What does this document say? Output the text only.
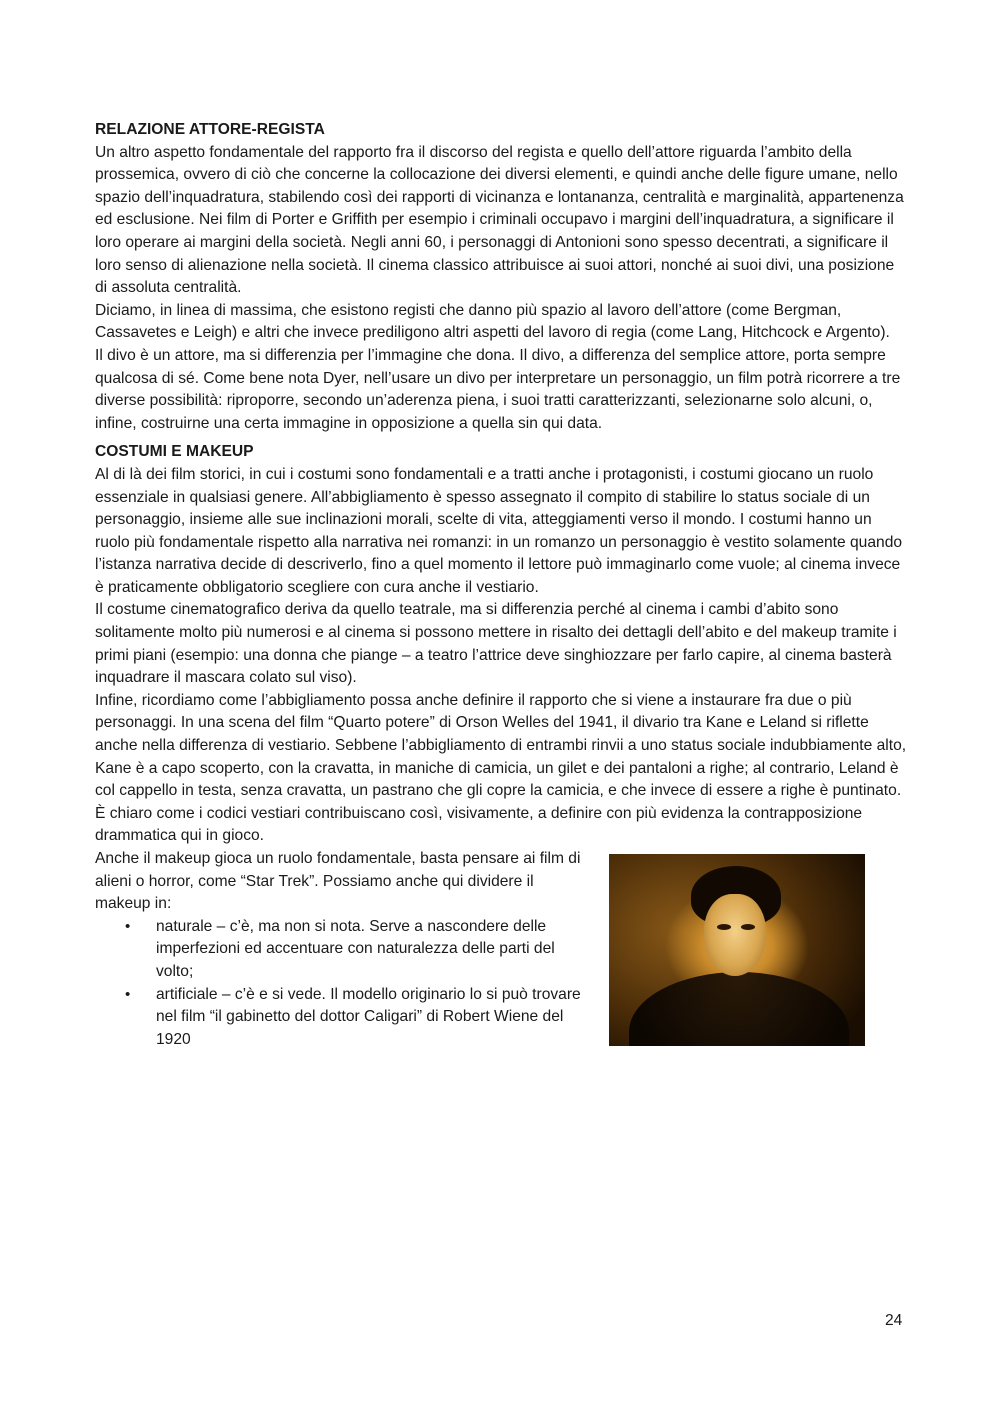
RELAZIONE ATTORE-REGISTA

Un altro aspetto fondamentale del rapporto fra il discorso del regista e quello dell’attore riguarda l’ambito della prossemica, ovvero di ciò che concerne la collocazione dei diversi elementi, e quindi anche delle figure umane, nello spazio dell’inquadratura, stabilendo così dei rapporti di vicinanza e lontananza, centralità e marginalità, appartenenza ed esclusione. Nei film di Porter e Griffith per esempio i criminali occupavo i margini dell’inquadratura, a significare il loro operare ai margini della società. Negli anni 60, i personaggi di Antonioni sono spesso decentrati, a significare il loro senso di alienazione nella società. Il cinema classico attribuisce ai suoi attori, nonché ai suoi divi, una posizione di assoluta centralità.

Diciamo, in linea di massima, che esistono registi che danno più spazio al lavoro dell’attore (come Bergman, Cassavetes e Leigh) e altri che invece prediligono altri aspetti del lavoro di regia (come Lang, Hitchcock e Argento).

Il divo è un attore, ma si differenzia per l’immagine che dona. Il divo, a differenza del semplice attore, porta sempre qualcosa di sé. Come bene nota Dyer, nell’usare un divo per interpretare un personaggio, un film potrà ricorrere a tre diverse possibilità: riproporre, secondo un’aderenza piena, i suoi tratti caratterizzanti, selezionarne solo alcuni, o, infine, costruirne una certa immagine in opposizione a quella sin qui data.

COSTUMI E MAKEUP

Al di là dei film storici, in cui i costumi sono fondamentali e a tratti anche i protagonisti, i costumi giocano un ruolo essenziale in qualsiasi genere. All’abbigliamento è spesso assegnato il compito di stabilire lo status sociale di un personaggio, insieme alle sue inclinazioni morali, scelte di vita, atteggiamenti verso il mondo. I costumi hanno un ruolo più fondamentale rispetto alla narrativa nei romanzi: in un romanzo un personaggio è vestito solamente quando l’istanza narrativa decide di descriverlo, fino a quel momento il lettore può immaginarlo come vuole; al cinema invece è praticamente obbligatorio scegliere con cura anche il vestiario.

Il costume cinematografico deriva da quello teatrale, ma si differenzia perché al cinema i cambi d’abito sono solitamente molto più numerosi e al cinema si possono mettere in risalto dei dettagli dell’abito e del makeup tramite i primi piani (esempio: una donna che piange – a teatro l’attrice deve singhiozzare per farlo capire, al cinema basterà inquadrare il mascara colato sul viso).

Infine, ricordiamo come l’abbigliamento possa anche definire il rapporto che si viene a instaurare fra due o più personaggi. In una scena del film “Quarto potere” di Orson Welles del 1941, il divario tra Kane e Leland si riflette anche nella differenza di vestiario. Sebbene l’abbigliamento di entrambi rinvii a uno status sociale indubbiamente alto, Kane è a capo scoperto, con la cravatta, in maniche di camicia, un gilet e dei pantaloni a righe; al contrario, Leland è col cappello in testa, senza cravatta, un pastrano che gli copre la camicia, e che invece di essere a righe è puntinato. È chiaro come i codici vestiari contribuiscano così, visivamente, a definire con più evidenza la contrapposizione drammatica qui in gioco.

Anche il makeup gioca un ruolo fondamentale, basta pensare ai film di alieni o horror, come “Star Trek”. Possiamo anche qui dividere il makeup in:

• naturale – c’è, ma non si nota. Serve a nascondere delle imperfezioni ed accentuare con naturalezza delle parti del volto;
• artificiale – c’è e si vede. Il modello originario lo si può trovare nel film “il gabinetto del dottor Caligari” di Robert Wiene del 1920
24
